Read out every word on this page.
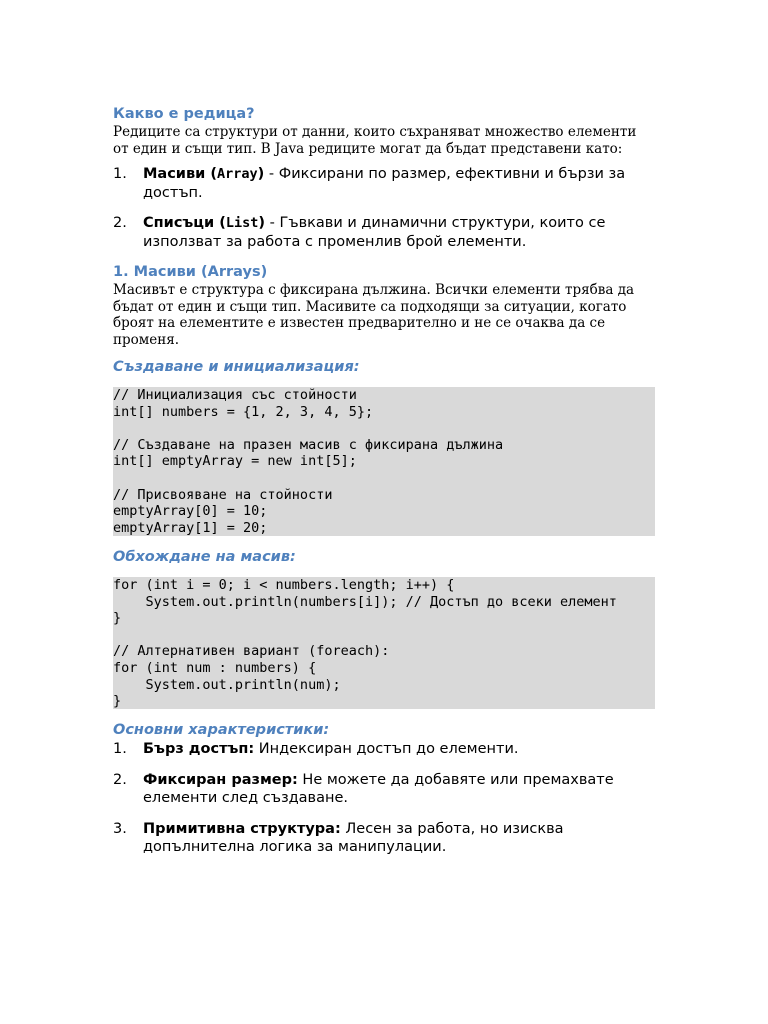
Какво е редица?

Редиците са структури от данни, които съхраняват множество елементи от един и същи тип. В Java редиците могат да бъдат представени като:

1. Масиви (Array) - Фиксирани по размер, ефективни и бързи за достъп.
2. Списъци (List) - Гъвкави и динамични структури, които се използват за работа с променлив брой елементи.
1. Масиви (Arrays)

Масивът е структура с фиксирана дължина. Всички елементи трябва да бъдат от един и същи тип. Масивите са подходящи за ситуации, когато броят на елементите е известен предварително и не се очаква да се променя.

Създаване и инициализация:
// Инициализация със стойности
int[] numbers = {1, 2, 3, 4, 5};

// Създаване на празен масив с фиксирана дължина
int[] emptyArray = new int[5];

// Присвояване на стойности
emptyArray[0] = 10;
emptyArray[1] = 20;
Обхождане на масив:
for (int i = 0; i < numbers.length; i++) {
System.out.println(numbers[i]); // Достъп до всеки елемент
}

// Алтернативен вариант (foreach):
for (int num : numbers) {
System.out.println(num);
}
Основни характеристики:
1. Бърз достъп: Индексиран достъп до елементи.
2. Фиксиран размер: Не можете да добавяте или премахвате елементи след създаване.
3. Примитивна структура: Лесен за работа, но изисква допълнителна логика за манипулации.
